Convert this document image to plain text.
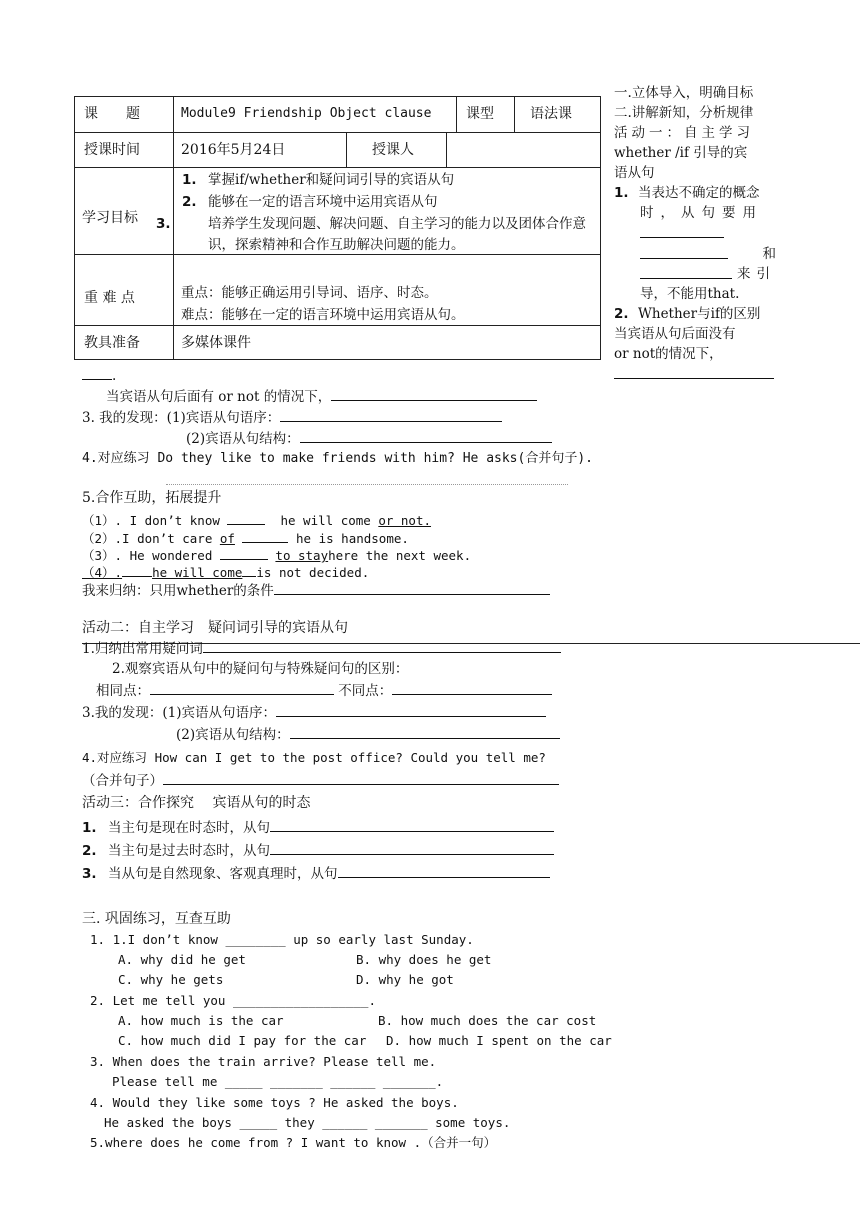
课　　题	Module9 Friendship Object clause 课型	语法课
授课时间	2016年5月24日	授课人
学习目标
1. 掌握if/whether和疑问词引导的宾语从句
2. 能够在一定的语言环境中运用宾语从句
3.	培养学生发现问题、解决问题、自主学习的能力以及团体合作意识，探索精神和合作互助解决问题的能力。
重 难 点	重点：能够正确运用引导词、语序、时态。
难点：能够在一定的语言环境中运用宾语从句。
教具准备	多媒体课件
一.立体导入，明确目标
二.讲解新知，分析规律
活动一：自主学习
whether /if 引导的宾
语从句
1. 当表达不确定的概念
时，从句要用
和
来引
导，不能用that.
2. Whether与if的区别
当宾语从句后面没有
or not的情况下，
.
当宾语从句后面有 or not 的情况下，
3. 我的发现：(1)宾语从句语序：
(2)宾语从句结构：
4.对应练习 Do they like to make friends with him? He asks(合并句子).
5.合作互助，拓展提升
（1）. I don’t know	he will come or not.
（2）.I don’t care of	he is handsome.
（3）. He wondered	to stayhere the next week.
（4）. he will come is not decided.
我来归纳：只用whether的条件
活动二：自主学习　疑问词引导的宾语从句
1.归纳出常用疑问词
2.观察宾语从句中的疑问句与特殊疑问句的区别：
相同点：	不同点：
3.我的发现：(1)宾语从句语序：
(2)宾语从句结构：
4.对应练习 How can I get to the post office? Could you tell me?
（合并句子）
活动三：合作探究　 宾语从句的时态
1. 当主句是现在时态时，从句
2. 当主句是过去时态时，从句
3. 当从句是自然现象、客观真理时，从句
三. 巩固练习，互查互助
1. 1.I don’t know ________ up so early last Sunday.
A. why did he get	B. why does he get
C. why he gets	D. why he got
2. Let me tell you __________________.
A. how much is the car	B. how much does the car cost
C. how much did I pay for the car D. how much I spent on the car
3. When does the train arrive? Please tell me.
Please tell me _____ _______ ______ _______.
4. Would they like some toys ? He asked the boys.
He asked the boys _____ they ______ _______ some toys.
5.where does he come from ? I want to know .（合并一句）
